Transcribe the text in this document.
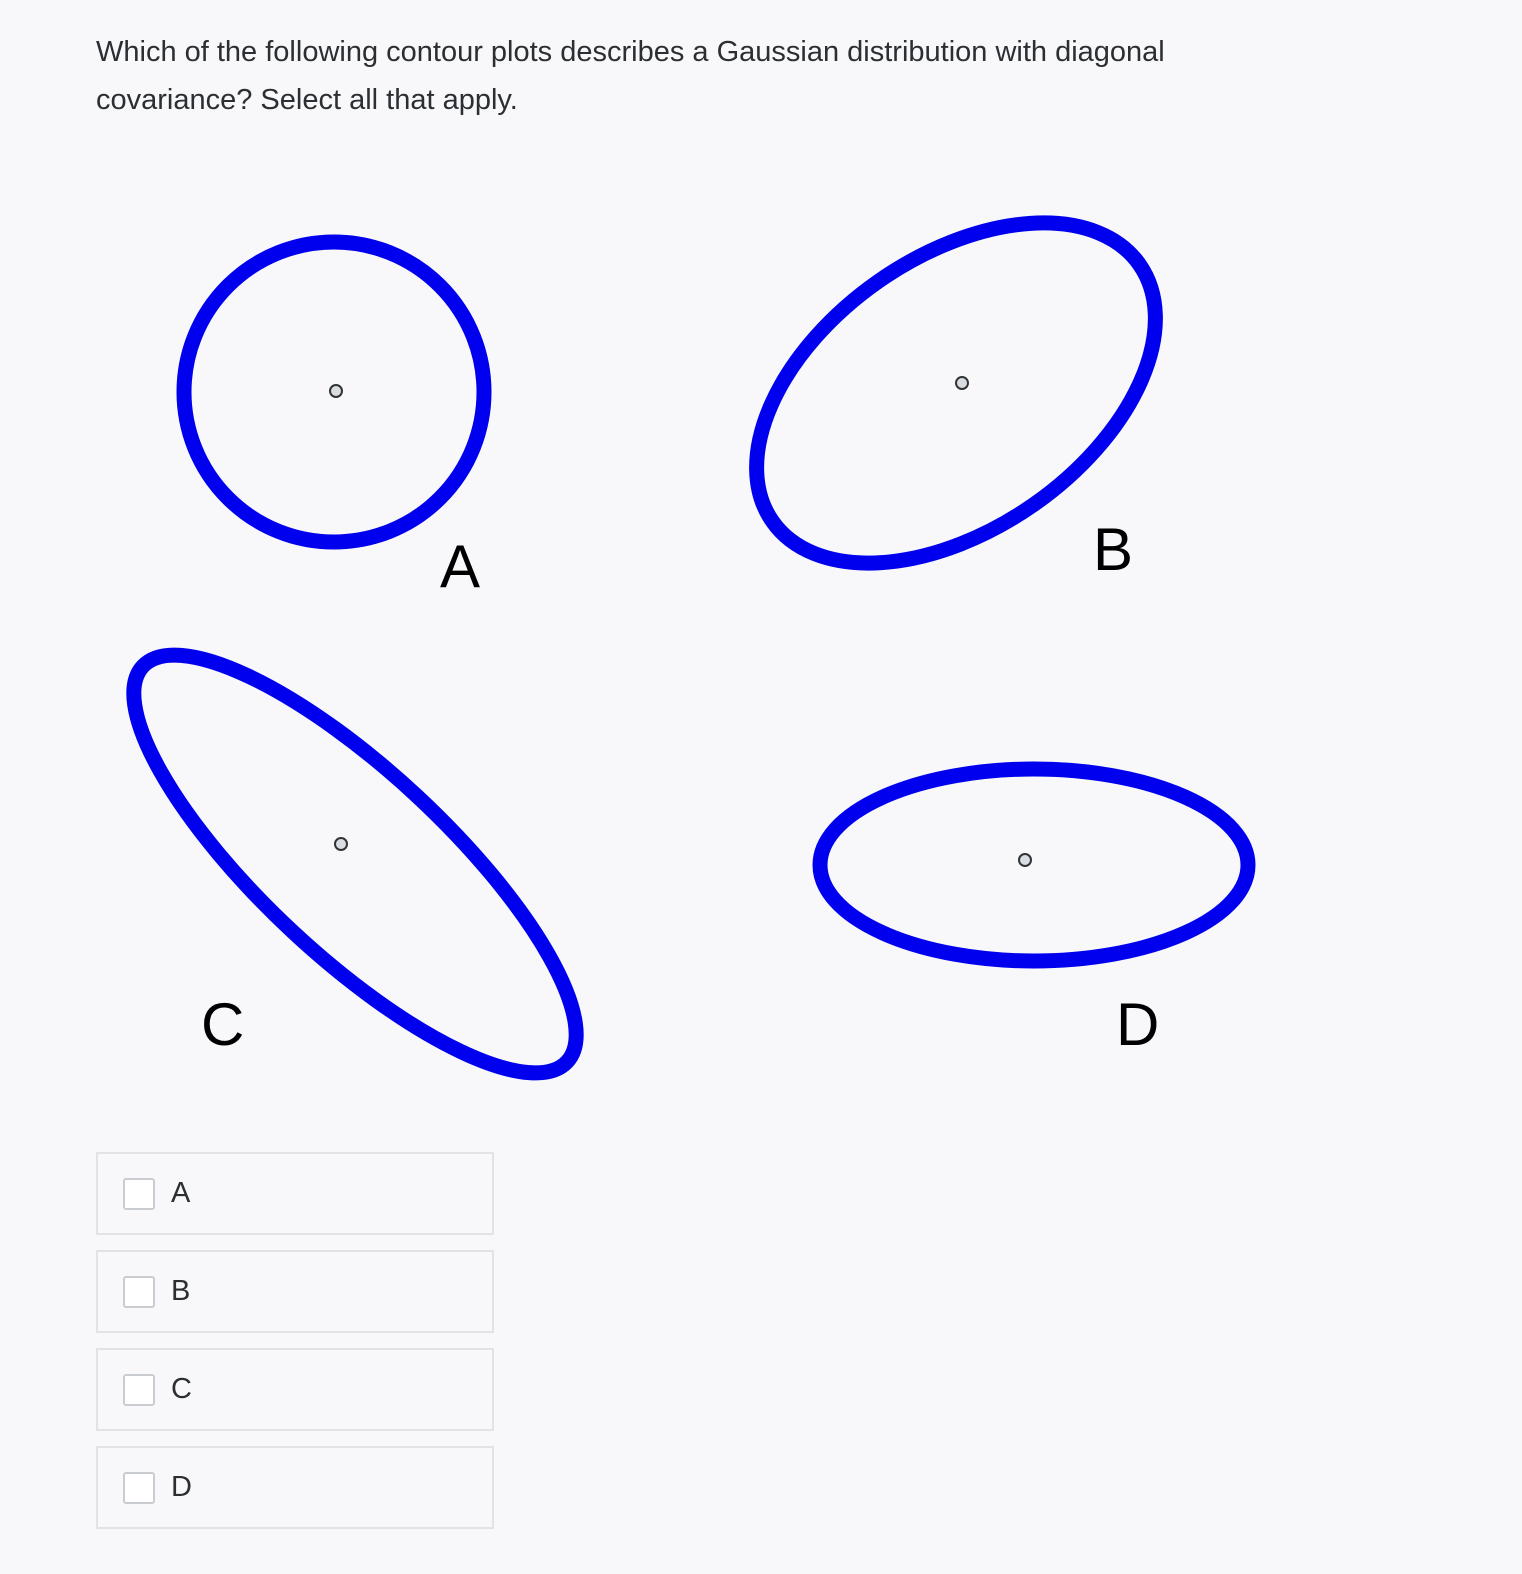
Which of the following contour plots describes a Gaussian distribution with diagonal covariance? Select all that apply.
A	B
C	D
A
B
C
D
